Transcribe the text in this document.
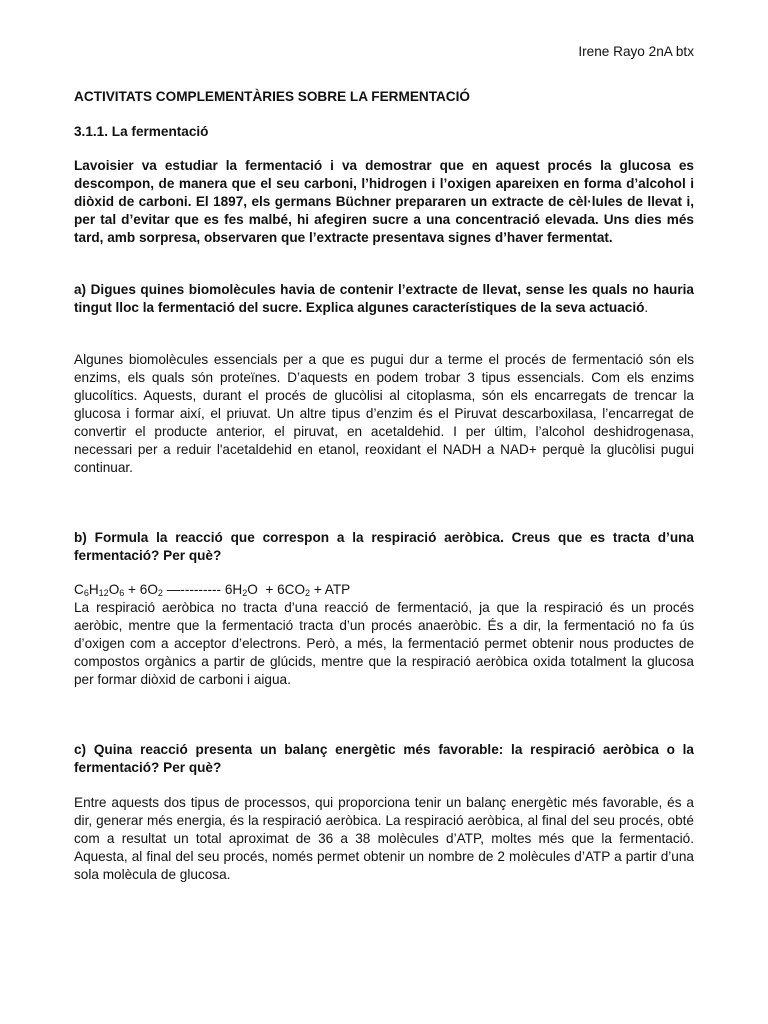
Irene Rayo 2nA btx
ACTIVITATS COMPLEMENTÀRIES SOBRE LA FERMENTACIÓ
3.1.1. La fermentació

Lavoisier va estudiar la fermentació i va demostrar que en aquest procés la glucosa es descompon, de manera que el seu carboni, l’hidrogen i l’oxigen apareixen en forma d’alcohol i diòxid de carboni. El 1897, els germans Büchner prepararen un extracte de cèl·lules de llevat i, per tal d’evitar que es fes malbé, hi afegiren sucre a una concentració elevada. Uns dies més tard, amb sorpresa, observaren que l’extracte presentava signes d’haver fermentat.

a) Digues quines biomolècules havia de contenir l’extracte de llevat, sense les quals no hauria tingut lloc la fermentació del sucre. Explica algunes característiques de la seva actuació.

Algunes biomolècules essencials per a que es pugui dur a terme el procés de fermentació són els enzims, els quals són proteïnes. D’aquests en podem trobar 3 tipus essencials. Com els enzims glucolítics. Aquests, durant el procés de glucòlisi al citoplasma, són els encarregats de trencar la glucosa i formar així, el priuvat. Un altre tipus d’enzim és el Piruvat descarboxilasa, l’encarregat de convertir el producte anterior, el piruvat, en acetaldehid. I per últim, l’alcohol deshidrogenasa, necessari per a reduir l'acetaldehid en etanol, reoxidant el NADH a NAD+ perquè la glucòlisi pugui continuar.

b) Formula la reacció que correspon a la respiració aeròbica. Creus que es tracta d’una fermentació? Per què?

$C_6H_{12}O_6 + 6O_2$ —--------- $6H_2O + 6CO_2$ + ATP

La respiració aeròbica no tracta d’una reacció de fermentació, ja que la respiració és un procés aeròbic, mentre que la fermentació tracta d’un procés anaeròbic. És a dir, la fermentació no fa ús d’oxigen com a acceptor d’electrons. Però, a més, la fermentació permet obtenir nous productes de compostos orgànics a partir de glúcids, mentre que la respiració aeròbica oxida totalment la glucosa per formar diòxid de carboni i aigua.

c) Quina reacció presenta un balanç energètic més favorable: la respiració aeròbica o la fermentació? Per què?

Entre aquests dos tipus de processos, qui proporciona tenir un balanç energètic més favorable, és a dir, generar més energia, és la respiració aeròbica. La respiració aeròbica, al final del seu procés, obté com a resultat un total aproximat de 36 a 38 molècules d’ATP, moltes més que la fermentació. Aquesta, al final del seu procés, només permet obtenir un nombre de 2 molècules d’ATP a partir d’una sola molècula de glucosa.
